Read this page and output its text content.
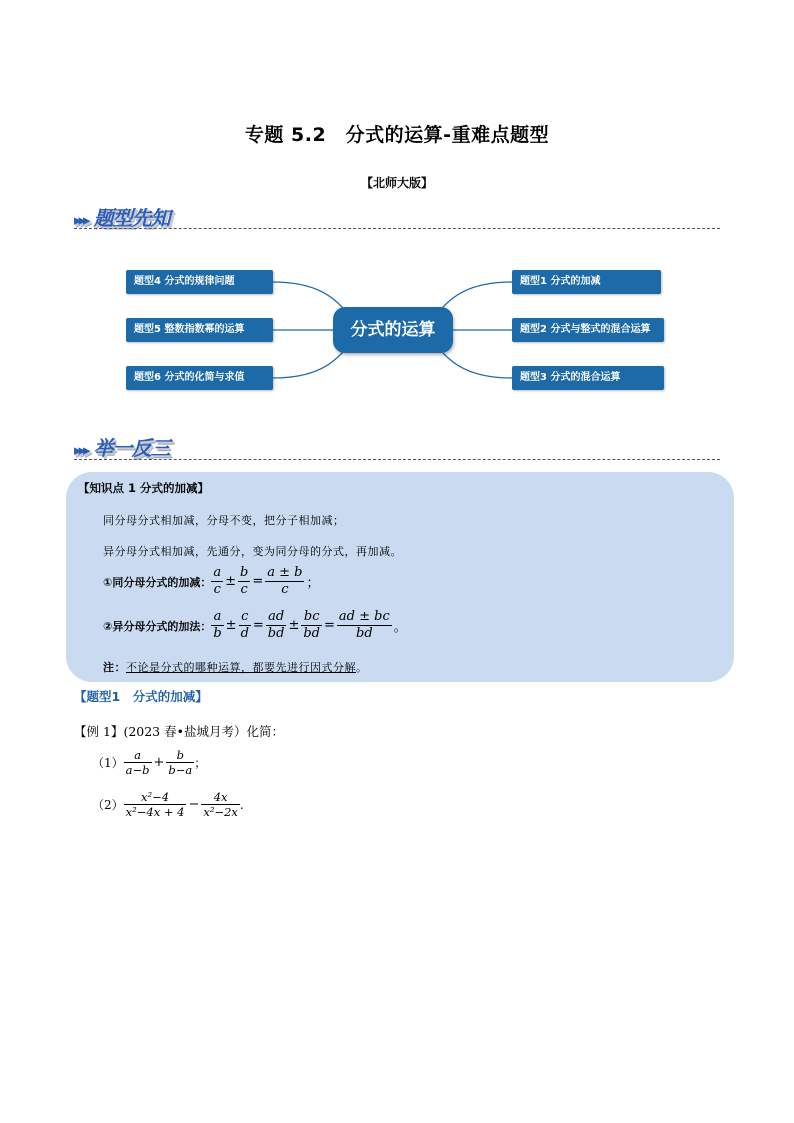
专题 5.2　分式的运算-重难点题型
【北师大版】
▸▸▸ 题型先知
题型4 分式的规律问题
题型5 整数指数幂的运算
题型6 分式的化简与求值
分式的运算
题型1 分式的加减
题型2 分式与整式的混合运算
题型3 分式的混合运算
▸▸▸ 举一反三
【知识点 1 分式的加减】
同分母分式相加减，分母不变，把分子相加减；
异分母分式相加减，先通分，变为同分母的分式，再加减。
①同分母分式的加减： $\frac{a}{c} \pm \frac{b}{c} = \frac{a \pm b}{c}$ ；
②异分母分式的加法： $\frac{a}{b} \pm \frac{c}{d} = \frac{ad}{bd} \pm \frac{bc}{bd} = \frac{ad \pm bc}{bd}$ 。
注：不论是分式的哪种运算，都要先进行因式分解。
【题型1　分式的加减】
【例 1】(2023 春•盐城月考）化简：
$(1) \frac{a}{a-b} + \frac{b}{b-a}$ ；
$(2) \frac{\text{x²−4}}{\text{x²−4x + 4}} - \frac{4x}{\text{x²−2x}}$ .
